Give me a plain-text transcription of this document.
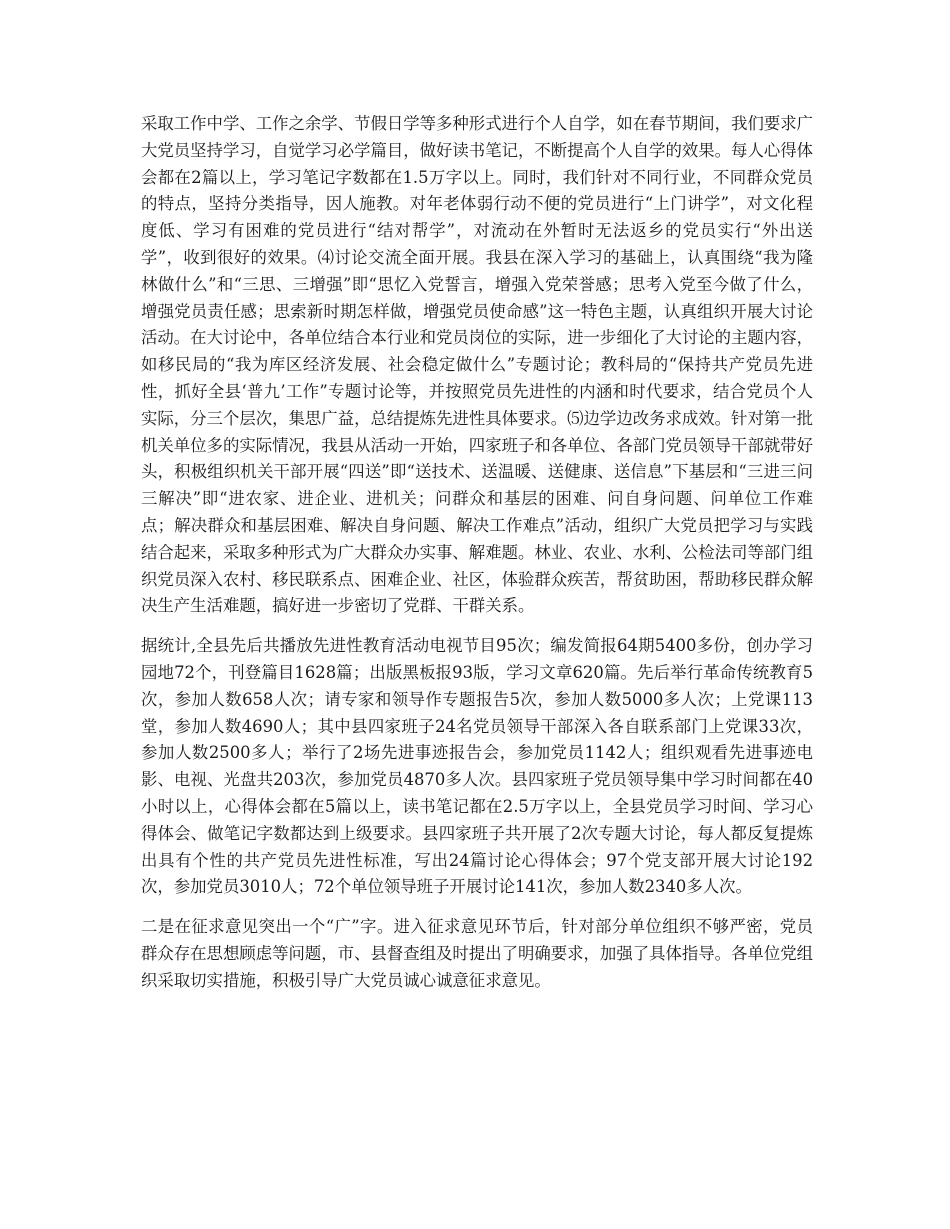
采取工作中学、工作之余学、节假日学等多种形式进行个人自学，如在春节期间，我们要求广大党员坚持学习，自觉学习必学篇目，做好读书笔记，不断提高个人自学的效果。每人心得体会都在2篇以上，学习笔记字数都在1.5万字以上。同时，我们针对不同行业，不同群众党员的特点，坚持分类指导，因人施教。对年老体弱行动不便的党员进行“上门讲学”，对文化程度低、学习有困难的党员进行“结对帮学”，对流动在外暂时无法返乡的党员实行“外出送学”，收到很好的效果。⑷讨论交流全面开展。我县在深入学习的基础上，认真围绕“我为隆林做什么”和“三思、三增强”即“思忆入党誓言，增强入党荣誉感；思考入党至今做了什么，增强党员责任感；思索新时期怎样做，增强党员使命感”这一特色主题，认真组织开展大讨论活动。在大讨论中，各单位结合本行业和党员岗位的实际，进一步细化了大讨论的主题内容，如移民局的“我为库区经济发展、社会稳定做什么”专题讨论；教科局的“保持共产党员先进性，抓好全县‘普九’工作”专题讨论等，并按照党员先进性的内涵和时代要求，结合党员个人实际，分三个层次，集思广益，总结提炼先进性具体要求。⑸边学边改务求成效。针对第一批机关单位多的实际情况，我县从活动一开始，四家班子和各单位、各部门党员领导干部就带好头，积极组织机关干部开展“四送”即“送技术、送温暖、送健康、送信息”下基层和“三进三问三解决”即“进农家、进企业、进机关；问群众和基层的困难、问自身问题、问单位工作难点；解决群众和基层困难、解决自身问题、解决工作难点”活动，组织广大党员把学习与实践结合起来，采取多种形式为广大群众办实事、解难题。林业、农业、水利、公检法司等部门组织党员深入农村、移民联系点、困难企业、社区，体验群众疾苦，帮贫助困，帮助移民群众解决生产生活难题，搞好进一步密切了党群、干群关系。

据统计,全县先后共播放先进性教育活动电视节目95次；编发简报64期5400多份，创办学习园地72个，刊登篇目1628篇；出版黑板报93版，学习文章620篇。先后举行革命传统教育5次，参加人数658人次；请专家和领导作专题报告5次，参加人数5000多人次；上党课113堂，参加人数4690人；其中县四家班子24名党员领导干部深入各自联系部门上党课33次，参加人数2500多人；举行了2场先进事迹报告会，参加党员1142人；组织观看先进事迹电影、电视、光盘共203次，参加党员4870多人次。县四家班子党员领导集中学习时间都在40小时以上，心得体会都在5篇以上，读书笔记都在2.5万字以上，全县党员学习时间、学习心得体会、做笔记字数都达到上级要求。县四家班子共开展了2次专题大讨论，每人都反复提炼出具有个性的共产党员先进性标准，写出24篇讨论心得体会；97个党支部开展大讨论192次，参加党员3010人；72个单位领导班子开展讨论141次，参加人数2340多人次。

二是在征求意见突出一个“广”字。进入征求意见环节后，针对部分单位组织不够严密，党员群众存在思想顾虑等问题，市、县督查组及时提出了明确要求，加强了具体指导。各单位党组织采取切实措施，积极引导广大党员诚心诚意征求意见。
